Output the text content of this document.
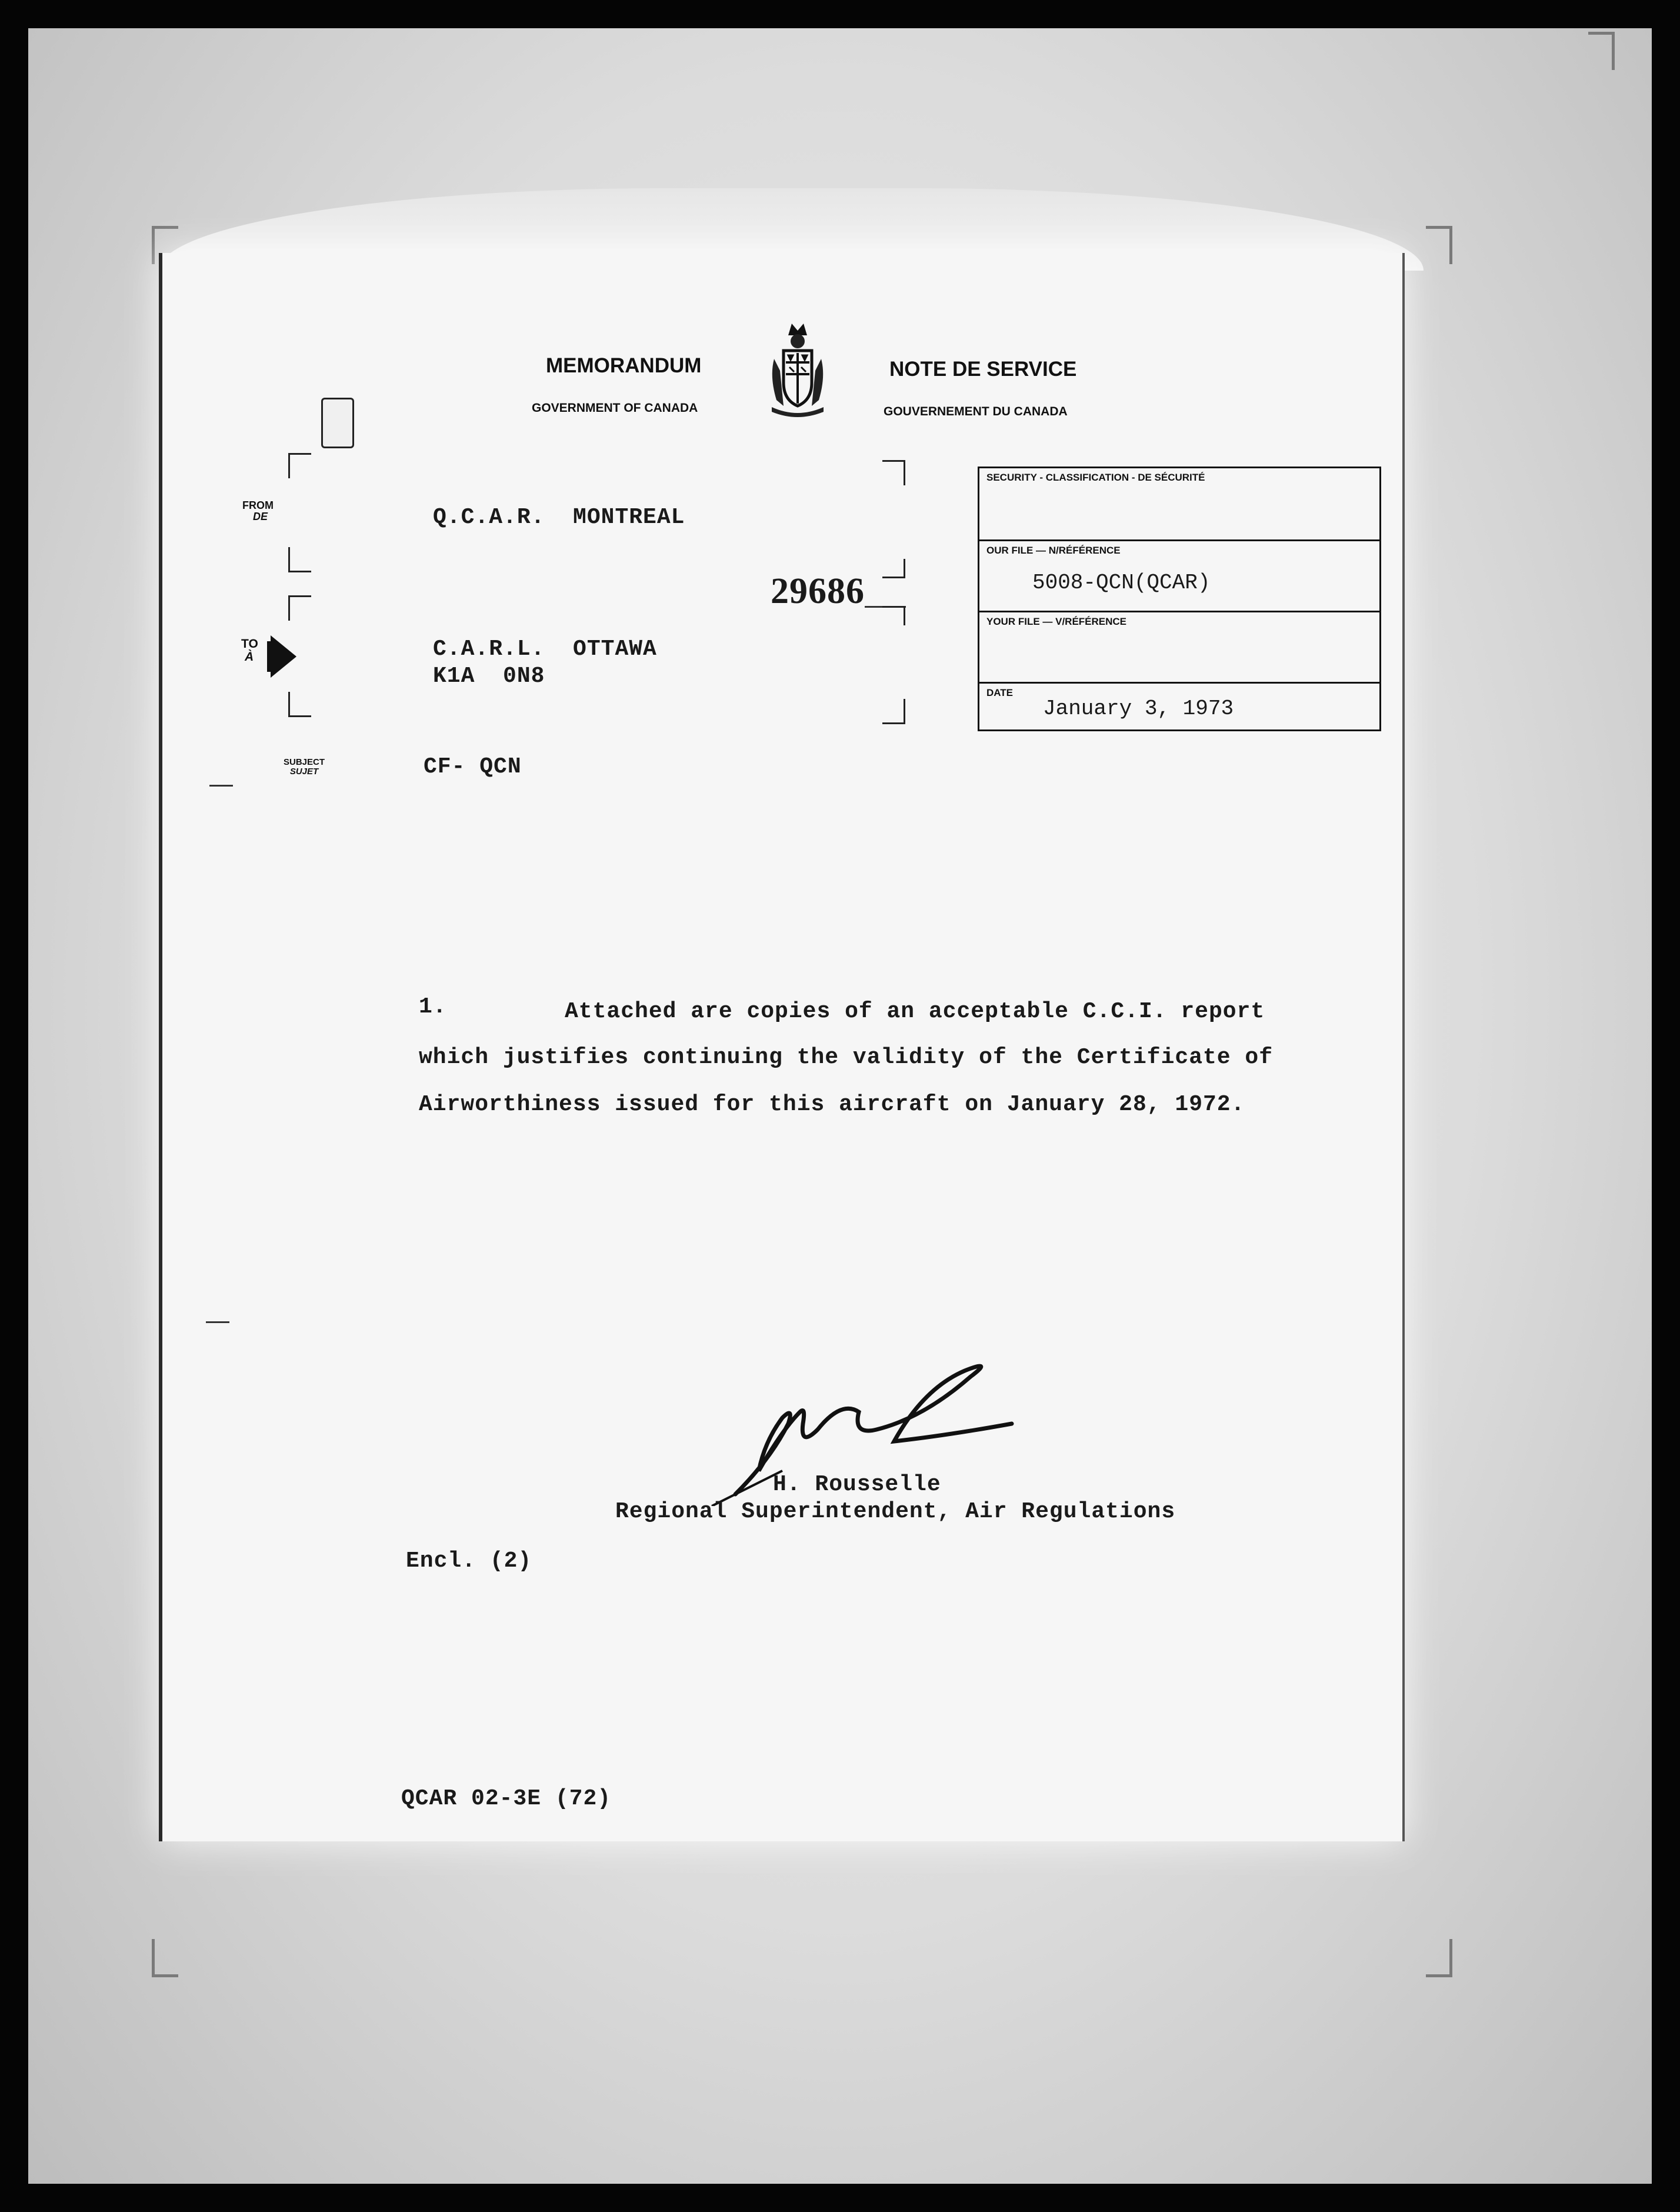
MEMORANDUM
GOVERNMENT OF CANADA
NOTE DE SERVICE
GOUVERNEMENT DU CANADA
FROM
DE	Q.C.A.R.  MONTREAL
29686
TO
À	C.A.R.L.  OTTAWA
K1A  0N8
SUBJECT
SUJET	CF- QCN
SECURITY - CLASSIFICATION - DE SÉCURITÉ
OUR FILE — N/RÉFÉRENCE
5008-QCN(QCAR)
YOUR FILE — V/RÉFÉRENCE
DATE
January 3, 1973
1.	Attached are copies of an acceptable C.C.I. report
which justifies continuing the validity of the Certificate of
Airworthiness issued for this aircraft on January 28, 1972.
H. Rousselle
Regional Superintendent, Air Regulations
Encl. (2)
QCAR 02-3E (72)
